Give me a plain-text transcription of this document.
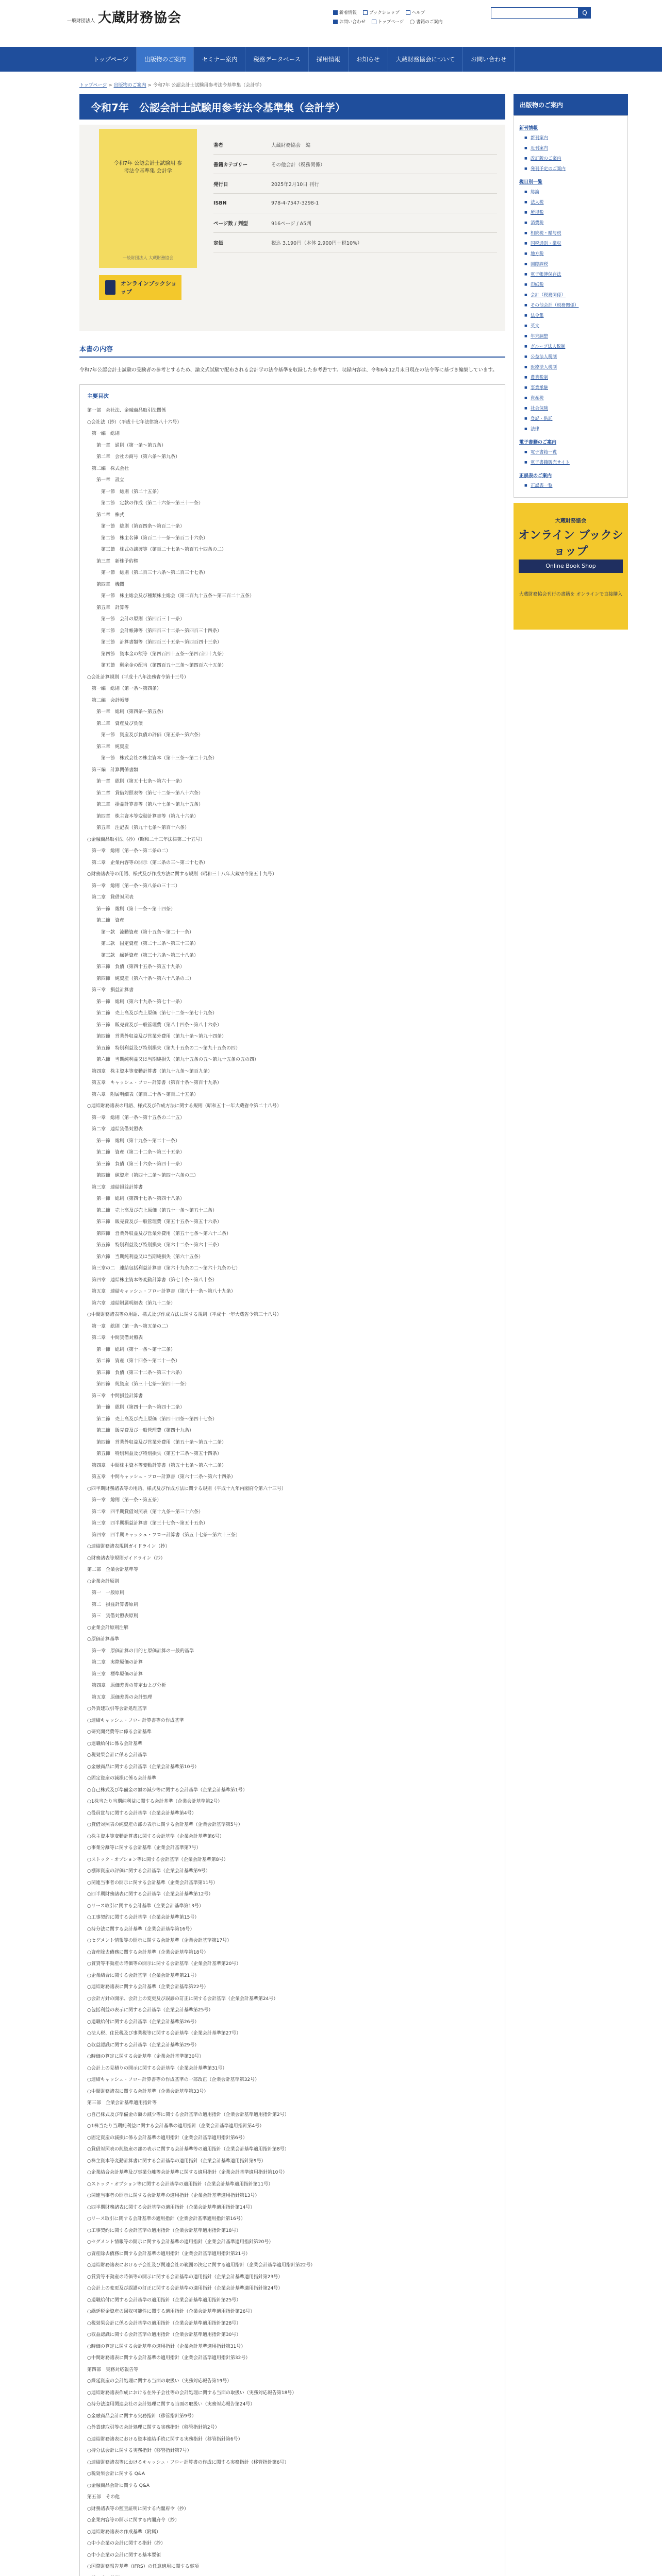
一般財団法人 大蔵財務協会	新着情報	ブックショップ	ヘルプ
お問い合わせ	トップページ	書籍のご案内
Q
トップページ	出版物のご案内	セミナー案内	税務データベース	採用情報	お知らせ	大蔵財務協会について	お問い合わせ
トップページ > 出版物のご案内 > 令和7年 公認会計士試験用参考法令基準集（会計学）
令和7年　公認会計士試験用参考法令基準集（会計学）
令和7年 公認会計士試験用 参考法令基準集 会計学
一般財団法人 大蔵財務協会
オンラインブックショップ
著者	大蔵財務協会　編
書籍カテゴリー	その他会計（税務関係）
発行日	2025年2月10日 刊行
ISBN	978-4-7547-3298-1
ページ数 / 判型	916ページ / A5判
定価	税込 3,190円（本体 2,900円＋税10%）
本書の内容
令和7年公認会計士試験の受験者の参考とするため、論文式試験で配布される会計学の法令基準を収録した参考書です。収録内容は、令和6年12月末日現在の法令等に基づき編集しています。
主要目次
第一部　会社法、金融商品取引法関係
○会社法（抄）（平成十七年法律第八十六号）
　第一編　総則
　　第一章　通則（第一条～第五条）
　　第二章　会社の商号（第六条～第九条）
　第二編　株式会社
　　第一章　設立
　　　第一節　総則（第二十五条）
　　　第二節　定款の作成（第二十六条～第三十一条）
　　第二章　株式
　　　第一節　総則（第百四条～第百二十条）
　　　第二節　株主名簿（第百二十一条～第百二十六条）
　　　第三節　株式の譲渡等（第百二十七条～第百五十四条の二）
　　第三章　新株予約権
　　　第一節　総則（第二百三十六条～第二百三十七条）
　　第四章　機関
　　　第一節　株主総会及び種類株主総会（第二百九十五条～第三百二十五条）
　　第五章　計算等
　　　第一節　会計の原則（第四百三十一条）
　　　第二節　会計帳簿等（第四百三十二条～第四百三十四条）
　　　第三節　計算書類等（第四百三十五条～第四百四十三条）
　　　第四節　資本金の額等（第四百四十五条～第四百四十九条）
　　　第五節　剰余金の配当（第四百五十三条～第四百六十五条）
○会社計算規則（平成十八年法務省令第十三号）
　第一編　総則（第一条～第四条）
　第二編　会計帳簿
　　第一章　総則（第四条～第五条）
　　第二章　資産及び負債
　　　第一節　資産及び負債の評価（第五条～第六条）
　　第三章　純資産
　　　第一節　株式会社の株主資本（第十三条～第二十九条）
　第三編　計算関係書類
　　第一章　総則（第五十七条～第六十一条）
　　第二章　貸借対照表等（第七十二条～第八十六条）
　　第三章　損益計算書等（第八十七条～第九十五条）
　　第四章　株主資本等変動計算書等（第九十六条）
　　第五章　注記表（第九十七条～第百十六条）
○金融商品取引法（抄）（昭和二十三年法律第二十五号）
　第一章　総則（第一条～第二条の二）
　第二章　企業内容等の開示（第二条の三～第二十七条）
○財務諸表等の用語、様式及び作成方法に関する規則（昭和三十八年大蔵省令第五十九号）
　第一章　総則（第一条～第八条の三十二）
　第二章　貸借対照表
　　第一節　総則（第十一条～第十四条）
　　第二節　資産
　　　第一款　流動資産（第十五条～第二十一条）
　　　第二款　固定資産（第二十二条～第三十三条）
　　　第三款　繰延資産（第三十六条～第三十八条）
　　第三節　負債（第四十五条～第五十九条）
　　第四節　純資産（第六十条～第六十八条の二）
　第三章　損益計算書
　　第一節　総則（第六十九条～第七十一条）
　　第二節　売上高及び売上原価（第七十二条～第七十九条）
　　第三節　販売費及び一般管理費（第八十四条～第八十六条）
　　第四節　営業外収益及び営業外費用（第九十条～第九十四条）
　　第五節　特別利益及び特別損失（第九十五条の二～第九十五条の四）
　　第六節　当期純利益又は当期純損失（第九十五条の五～第九十五条の五の四）
　第四章　株主資本等変動計算書（第九十九条～第百九条）
　第五章　キャッシュ・フロー計算書（第百十条～第百十九条）
　第六章　附属明細表（第百二十条～第百二十五条）
○連結財務諸表の用語、様式及び作成方法に関する規則（昭和五十一年大蔵省令第二十八号）
　第一章　総則（第一条～第十五条の二十五）
　第二章　連結貸借対照表
　　第一節　総則（第十九条～第二十一条）
　　第二節　資産（第二十二条～第三十五条）
　　第三節　負債（第三十六条～第四十一条）
　　第四節　純資産（第四十二条～第四十六条の三）
　第三章　連結損益計算書
　　第一節　総則（第四十七条～第四十八条）
　　第二節　売上高及び売上原価（第五十一条～第五十二条）
　　第三節　販売費及び一般管理費（第五十五条～第五十六条）
　　第四節　営業外収益及び営業外費用（第五十七条～第六十二条）
　　第五節　特別利益及び特別損失（第六十二条～第六十三条）
　　第六節　当期純利益又は当期純損失（第六十五条）
　第三章の二　連結包括利益計算書（第六十九条の二～第六十九条の七）
　第四章　連結株主資本等変動計算書（第七十条～第八十条）
　第五章　連結キャッシュ・フロー計算書（第八十一条～第八十九条）
　第六章　連結附属明細表（第九十二条）
○中間財務諸表等の用語、様式及び作成方法に関する規則（平成十一年大蔵省令第三十八号）
　第一章　総則（第一条～第五条の二）
　第二章　中間貸借対照表
　　第一節　総則（第十一条～第十三条）
　　第二節　資産（第十四条～第二十一条）
　　第三節　負債（第三十二条～第三十六条）
　　第四節　純資産（第三十七条～第四十一条）
　第三章　中間損益計算書
　　第一節　総則（第四十一条～第四十二条）
　　第二節　売上高及び売上原価（第四十四条～第四十七条）
　　第三節　販売費及び一般管理費（第四十九条）
　　第四節　営業外収益及び営業外費用（第五十条～第五十二条）
　　第五節　特別利益及び特別損失（第五十三条～第五十四条）
　第四章　中間株主資本等変動計算書（第五十七条～第六十二条）
　第五章　中間キャッシュ・フロー計算書（第六十二条～第六十四条）
○四半期財務諸表等の用語、様式及び作成方法に関する規則（平成十九年内閣府令第六十三号）
　第一章　総則（第一条～第五条）
　第二章　四半期貸借対照表（第十九条～第三十六条）
　第三章　四半期損益計算書（第三十七条～第五十五条）
　第四章　四半期キャッシュ・フロー計算書（第五十七条～第六十三条）
○連結財務諸表規則ガイドライン（抄）
○財務諸表等規則ガイドライン（抄）
第二部　企業会計基準等
○企業会計原則
　第一　一般原則
　第二　損益計算書原則
　第三　貸借対照表原則
○企業会計原則注解
○原価計算基準
　第一章　原価計算の目的と原価計算の一般的基準
　第二章　実際原価の計算
　第三章　標準原価の計算
　第四章　原価差異の算定および分析
　第五章　原価差異の会計処理
○外貨建取引等会計処理基準
○連結キャッシュ・フロー計算書等の作成基準
○研究開発費等に係る会計基準
○退職給付に係る会計基準
○税効果会計に係る会計基準
○金融商品に関する会計基準（企業会計基準第10号）
○固定資産の減損に係る会計基準
○自己株式及び準備金の額の減少等に関する会計基準（企業会計基準第1号）
○1株当たり当期純利益に関する会計基準（企業会計基準第2号）
○役員賞与に関する会計基準（企業会計基準第4号）
○貸借対照表の純資産の部の表示に関する会計基準（企業会計基準第5号）
○株主資本等変動計算書に関する会計基準（企業会計基準第6号）
○事業分離等に関する会計基準（企業会計基準第7号）
○ストック・オプション等に関する会計基準（企業会計基準第8号）
○棚卸資産の評価に関する会計基準（企業会計基準第9号）
○関連当事者の開示に関する会計基準（企業会計基準第11号）
○四半期財務諸表に関する会計基準（企業会計基準第12号）
○リース取引に関する会計基準（企業会計基準第13号）
○工事契約に関する会計基準（企業会計基準第15号）
○持分法に関する会計基準（企業会計基準第16号）
○セグメント情報等の開示に関する会計基準（企業会計基準第17号）
○資産除去債務に関する会計基準（企業会計基準第18号）
○賃貸等不動産の時価等の開示に関する会計基準（企業会計基準第20号）
○企業結合に関する会計基準（企業会計基準第21号）
○連結財務諸表に関する会計基準（企業会計基準第22号）
○会計方針の開示、会計上の変更及び誤謬の訂正に関する会計基準（企業会計基準第24号）
○包括利益の表示に関する会計基準（企業会計基準第25号）
○退職給付に関する会計基準（企業会計基準第26号）
○法人税、住民税及び事業税等に関する会計基準（企業会計基準第27号）
○収益認識に関する会計基準（企業会計基準第29号）
○時価の算定に関する会計基準（企業会計基準第30号）
○会計上の見積りの開示に関する会計基準（企業会計基準第31号）
○連結キャッシュ・フロー計算書等の作成基準の一部改正（企業会計基準第32号）
○中間財務諸表に関する会計基準（企業会計基準第33号）
第三部　企業会計基準適用指針等
○自己株式及び準備金の額の減少等に関する会計基準の適用指針（企業会計基準適用指針第2号）
○1株当たり当期純利益に関する会計基準の適用指針（企業会計基準適用指針第4号）
○固定資産の減損に係る会計基準の適用指針（企業会計基準適用指針第6号）
○貸借対照表の純資産の部の表示に関する会計基準等の適用指針（企業会計基準適用指針第8号）
○株主資本等変動計算書に関する会計基準の適用指針（企業会計基準適用指針第9号）
○企業結合会計基準及び事業分離等会計基準に関する適用指針（企業会計基準適用指針第10号）
○ストック・オプション等に関する会計基準の適用指針（企業会計基準適用指針第11号）
○関連当事者の開示に関する会計基準の適用指針（企業会計基準適用指針第13号）
○四半期財務諸表に関する会計基準の適用指針（企業会計基準適用指針第14号）
○リース取引に関する会計基準の適用指針（企業会計基準適用指針第16号）
○工事契約に関する会計基準の適用指針（企業会計基準適用指針第18号）
○セグメント情報等の開示に関する会計基準の適用指針（企業会計基準適用指針第20号）
○資産除去債務に関する会計基準の適用指針（企業会計基準適用指針第21号）
○連結財務諸表における子会社及び関連会社の範囲の決定に関する適用指針（企業会計基準適用指針第22号）
○賃貸等不動産の時価等の開示に関する会計基準の適用指針（企業会計基準適用指針第23号）
○会計上の変更及び誤謬の訂正に関する会計基準の適用指針（企業会計基準適用指針第24号）
○退職給付に関する会計基準の適用指針（企業会計基準適用指針第25号）
○繰延税金資産の回収可能性に関する適用指針（企業会計基準適用指針第26号）
○税効果会計に係る会計基準の適用指針（企業会計基準適用指針第28号）
○収益認識に関する会計基準の適用指針（企業会計基準適用指針第30号）
○時価の算定に関する会計基準の適用指針（企業会計基準適用指針第31号）
○中間財務諸表に関する会計基準の適用指針（企業会計基準適用指針第32号）
第四部　実務対応報告等
○繰延資産の会計処理に関する当面の取扱い（実務対応報告第19号）
○連結財務諸表作成における在外子会社等の会計処理に関する当面の取扱い（実務対応報告第18号）
○持分法適用関連会社の会計処理に関する当面の取扱い（実務対応報告第24号）
○金融商品会計に関する実務指針（移管指針第9号）
○外貨建取引等の会計処理に関する実務指針（移管指針第2号）
○連結財務諸表における資本連結手続に関する実務指針（移管指針第6号）
○持分法会計に関する実務指針（移管指針第7号）
○連結財務諸表等におけるキャッシュ・フロー計算書の作成に関する実務指針（移管指針第6号）
○税効果会計に関する Q&A
○金融商品会計に関する Q&A
第五部　その他
○財務諸表等の監査証明に関する内閣府令（抄）
○企業内容等の開示に関する内閣府令（抄）
○連結財務諸表の作成基準（附属）
○中小企業の会計に関する指針（抄）
○中小企業の会計に関する基本要領
○国際財務報告基準（IFRS）の任意適用に関する事項
出版物のご案内
新刊情報
■ 新刊案内
■ 近刊案内
■ 改訂版のご案内
■ 発刊予定のご案内
税目別一覧
■ 総論
■ 法人税
■ 所得税
■ 消費税
■ 相続税・贈与税
■ 国税通則・徴収
■ 地方税
■ 国際課税
■ 電子帳簿保存法
■ 印紙税
■ 会計（税務関係）
■ その他会計（税務関係）
■ 法令集
■ 英文
■ 年末調整
■ グループ法人税制
■ 公益法人税制
■ 医療法人税制
■ 農業税制
■ 事業承継
■ 資産税
■ 社会保険
■ 登記・供託
■ 法律
電子書籍のご案内
■ 電子書籍一覧
■ 電子書籍販売サイト
正誤表のご案内
■ 正誤表一覧
大蔵財務協会
オンライン ブックショップ
Online Book Shop
大蔵財務協会刊行の書籍を オンラインで直接購入
